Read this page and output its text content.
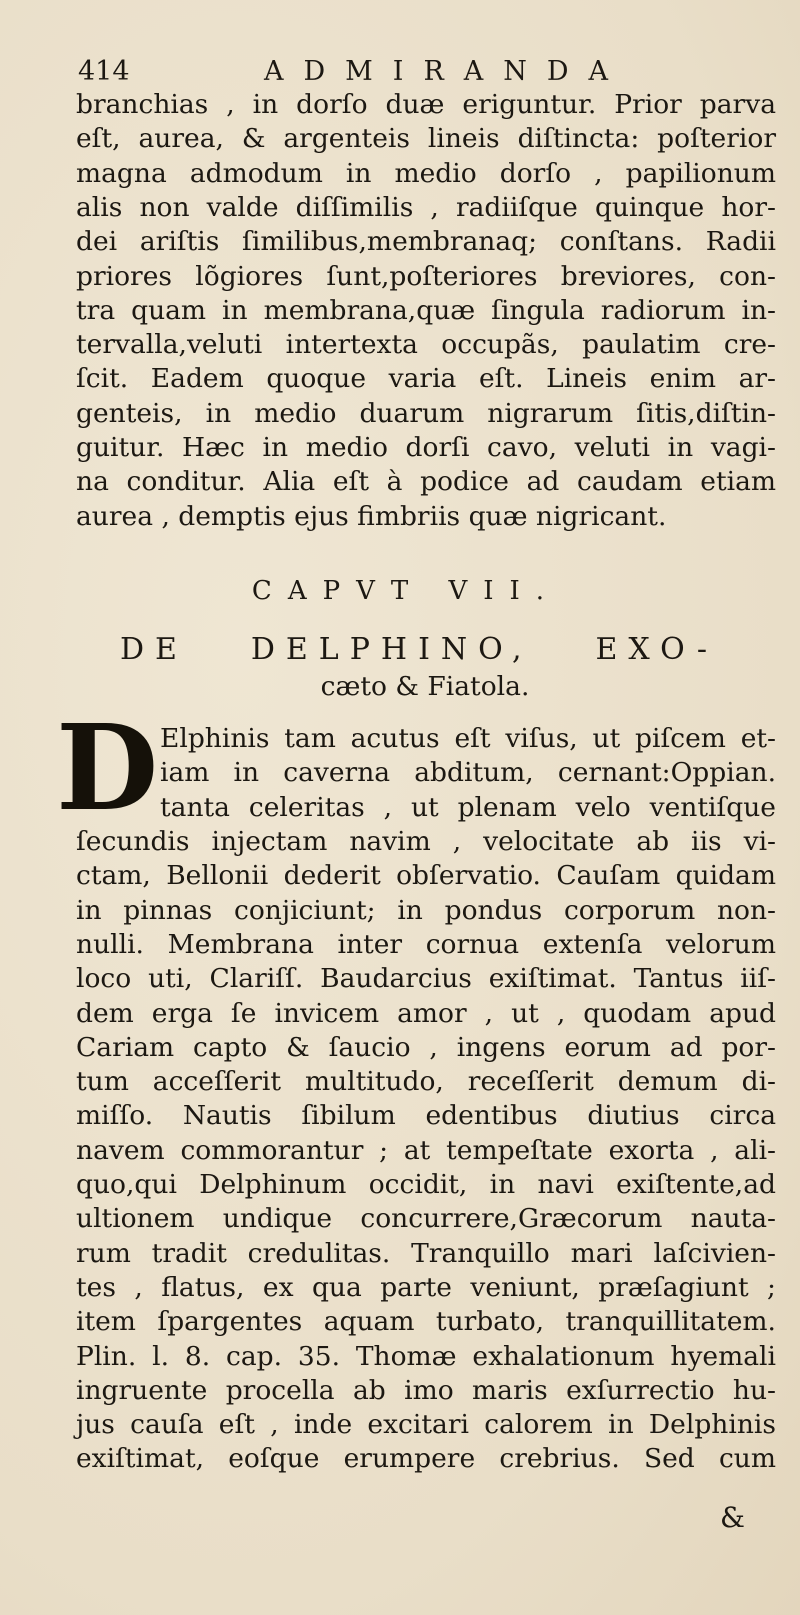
414	ADMIRANDA
branchias , in dorſo duæ eriguntur. Prior parva
eſt, aurea, & argenteis lineis diſtincta: poſterior
magna admodum in medio dorſo , papilionum
alis non valde diſſimilis , radiiſque quinque hor-
dei ariſtis ſimilibus,membranaq; conſtans. Radii
priores lõgiores ſunt,poſteriores breviores, con-
tra quam in membrana,quæ ſingula radiorum in-
tervalla,veluti intertexta occupãs, paulatim cre-
ſcit. Eadem quoque varia eſt. Lineis enim ar-
genteis, in medio duarum nigrarum ſitis,diſtin-
guitur. Hæc in medio dorſi cavo, veluti in vagi-
na conditur. Alia eſt à podice ad caudam etiam
aurea , demptis ejus fimbriis quæ nigricant.
CAPVT VII.
DE DELPHINO, EXO-
cæto & Fiatola.
D Elphinis tam acutus eſt viſus, ut piſcem et-
iam in caverna abditum, cernant:Oppian.
tanta celeritas , ut plenam velo ventiſque
ſecundis injectam navim , velocitate ab iis vi-
ctam, Bellonii dederit obſervatio. Cauſam quidam
in pinnas conjiciunt; in pondus corporum non-
nulli. Membrana inter cornua extenſa velorum
loco uti, Clariſſ. Baudarcius exiſtimat. Tantus iiſ-
dem erga ſe invicem amor , ut , quodam apud
Cariam capto & ſaucio , ingens eorum ad por-
tum acceſſerit multitudo, receſſerit demum di-
miſſo. Nautis ſibilum edentibus diutius circa
navem commorantur ; at tempeſtate exorta , ali-
quo,qui Delphinum occidit, in navi exiſtente,ad
ultionem undique concurrere,Græcorum nauta-
rum tradit credulitas. Tranquillo mari laſcivien-
tes , flatus, ex qua parte veniunt, præſagiunt ;
item ſpargentes aquam turbato, tranquillitatem.
Plin. l. 8. cap. 35. Thomæ exhalationum hyemali
ingruente procella ab imo maris exſurrectio hu-
jus cauſa eſt , inde excitari calorem in Delphinis
exiſtimat, eoſque erumpere crebrius. Sed cum
&
